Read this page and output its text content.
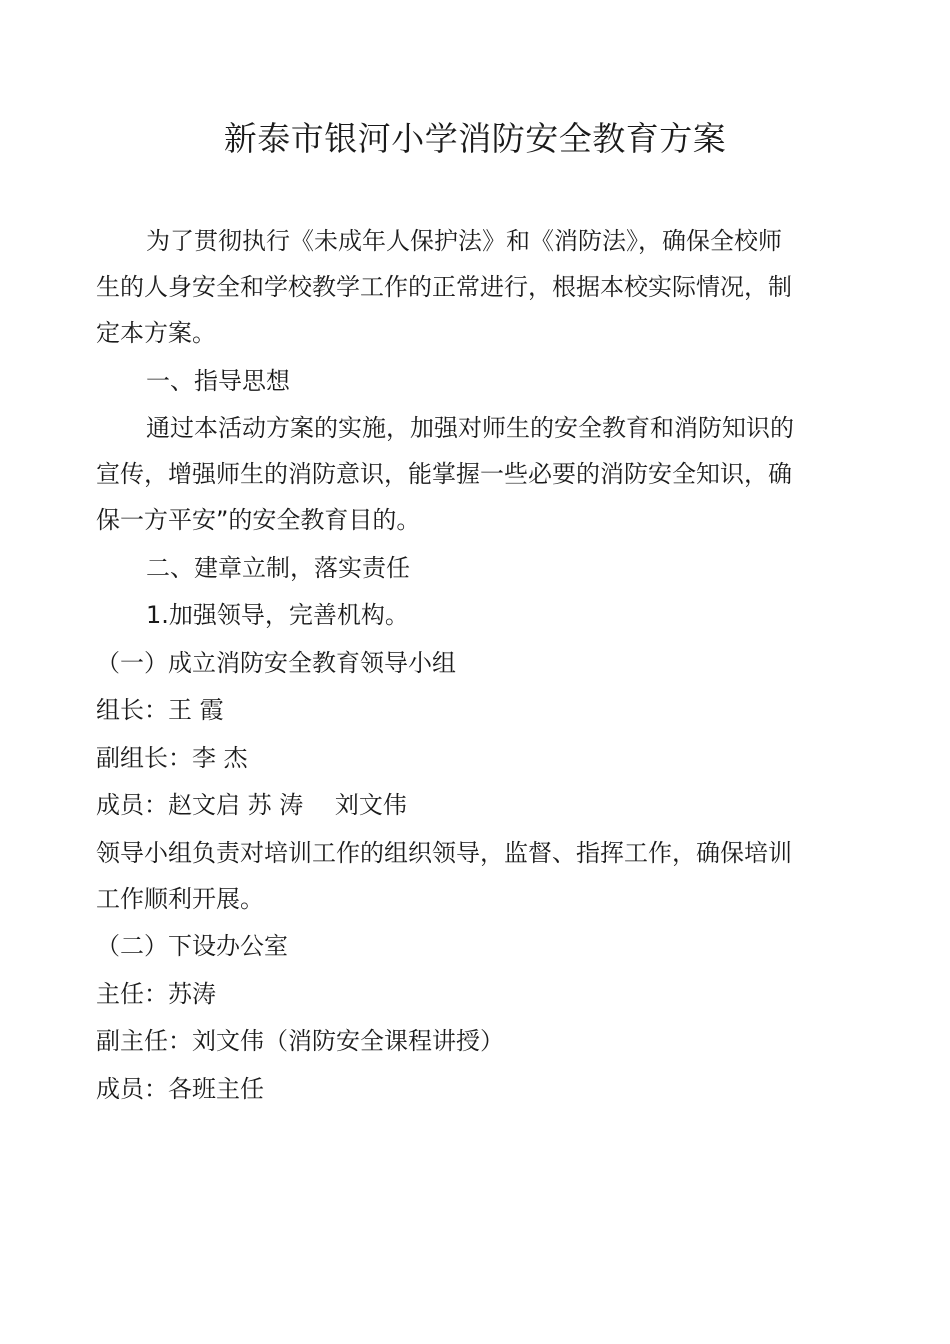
新泰市银河小学消防安全教育方案

为了贯彻执行《未成年人保护法》和《消防法》，确保全校师
生的人身安全和学校教学工作的正常进行，根据本校实际情况，制
定本方案。

一、指导思想

通过本活动方案的实施，加强对师生的安全教育和消防知识的
宣传，增强师生的消防意识，能掌握一些必要的消防安全知识，确
保一方平安”的安全教育目的。

二、建章立制，落实责任

1.加强领导，完善机构。

（一）成立消防安全教育领导小组

组长：王 霞

副组长：李 杰

成员：赵文启 苏 涛　 刘文伟

领导小组负责对培训工作的组织领导，监督、指挥工作，确保培训
工作顺利开展。

（二）下设办公室

主任：苏涛

副主任：刘文伟（消防安全课程讲授）

成员：各班主任
